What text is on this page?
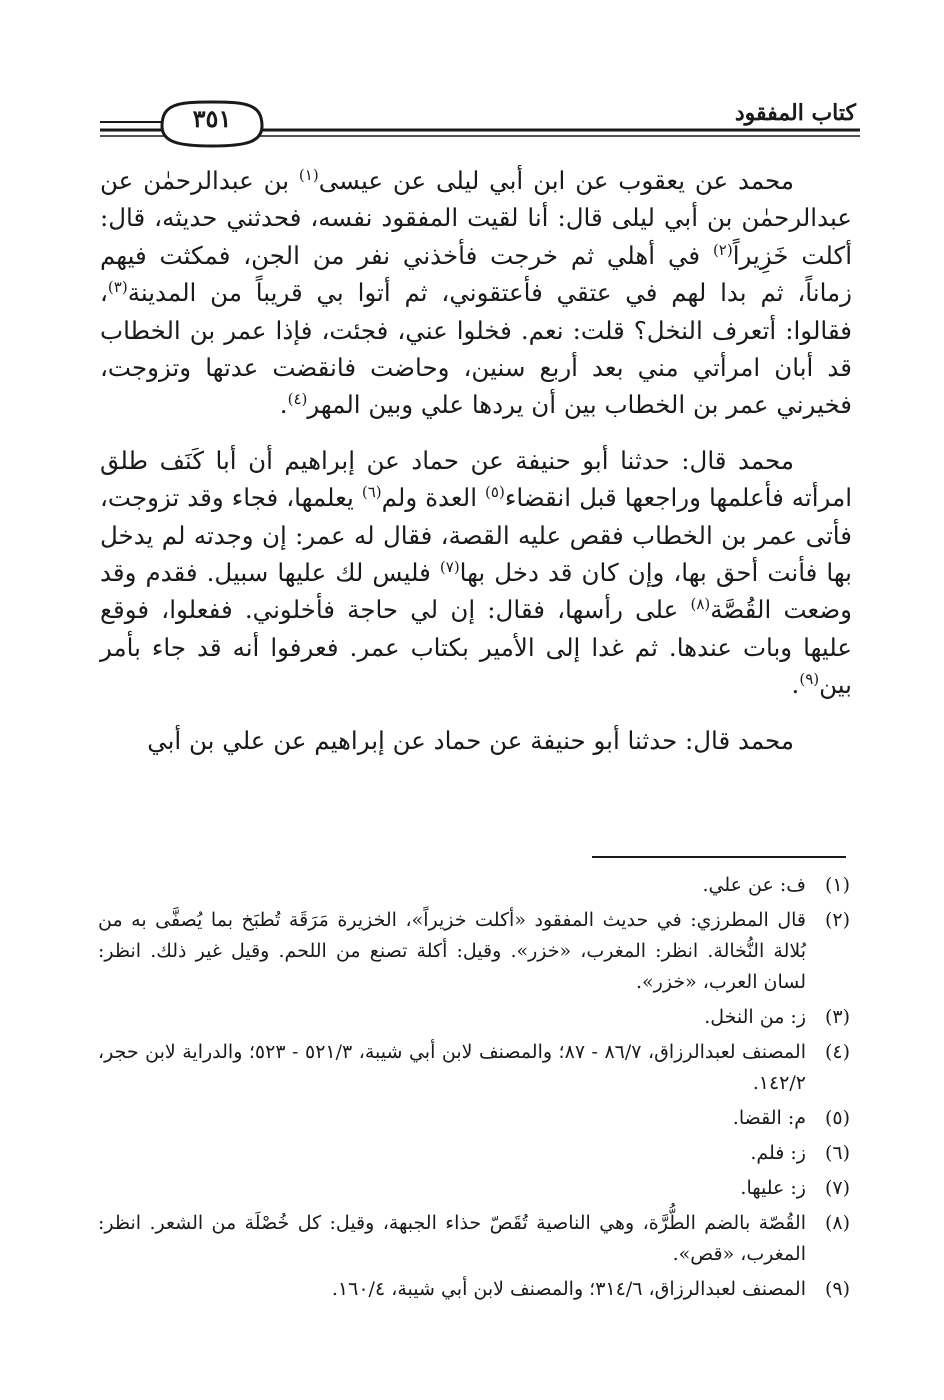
٣٥١	كتاب المفقود

محمد عن يعقوب عن ابن أبي ليلى عن عيسى$^{(١)}$ بن عبدالرحمٰن عن عبدالرحمٰن بن أبي ليلى قال: أنا لقيت المفقود نفسه، فحدثني حديثه، قال: أكلت خَزِيراً$^{(٢)}$ في أهلي ثم خرجت فأخذني نفر من الجن، فمكثت فيهم زماناً، ثم بدا لهم في عتقي فأعتقوني، ثم أتوا بي قريباً من المدينة$^{(٣)}$، فقالوا: أتعرف النخل؟ قلت: نعم. فخلوا عني، فجئت، فإذا عمر بن الخطاب قد أبان امرأتي مني بعد أربع سنين، وحاضت فانقضت عدتها وتزوجت، فخيرني عمر بن الخطاب بين أن يردها علي وبين المهر$^{(٤)}$.

محمد قال: حدثنا أبو حنيفة عن حماد عن إبراهيم أن أبا كَنَف طلق امرأته فأعلمها وراجعها قبل انقضاء$^{(٥)}$ العدة ولم$^{(٦)}$ يعلمها، فجاء وقد تزوجت، فأتى عمر بن الخطاب فقص عليه القصة، فقال له عمر: إن وجدته لم يدخل بها فأنت أحق بها، وإن كان قد دخل بها$^{(٧)}$ فليس لك عليها سبيل. فقدم وقد وضعت القُصَّة$^{(٨)}$ على رأسها، فقال: إن لي حاجة فأخلوني. ففعلوا، فوقع عليها وبات عندها. ثم غدا إلى الأمير بكتاب عمر. فعرفوا أنه قد جاء بأمر بين$^{(٩)}$.

محمد قال: حدثنا أبو حنيفة عن حماد عن إبراهيم عن علي بن أبي

(١)
ف: عن علي.
(٢)
قال المطرزي: في حديث المفقود «أكلت خزيراً»، الخزيرة مَرَقَة تُطبَخ بما يُصفَّى به من بُلالة النُّخالة. انظر: المغرب، «خزر». وقيل: أكلة تصنع من اللحم. وقيل غير ذلك. انظر: لسان العرب، «خزر».
(٣)
ز: من النخل.
(٤)
المصنف لعبدالرزاق، ٨٦/٧ - ٨٧؛ والمصنف لابن أبي شيبة، ٥٢١/٣ - ٥٢٣؛ والدراية لابن حجر، ١٤٢/٢.
(٥)
م: القضا.
(٦)
ز: فلم.
(٧)
ز: عليها.
(٨)
القُصّة بالضم الطُّرَّة، وهي الناصية تُقَصّ حذاء الجبهة، وقيل: كل خُصْلَة من الشعر. انظر: المغرب، «قص».
(٩)
المصنف لعبدالرزاق، ٣١٤/٦؛ والمصنف لابن أبي شيبة، ١٦٠/٤.
